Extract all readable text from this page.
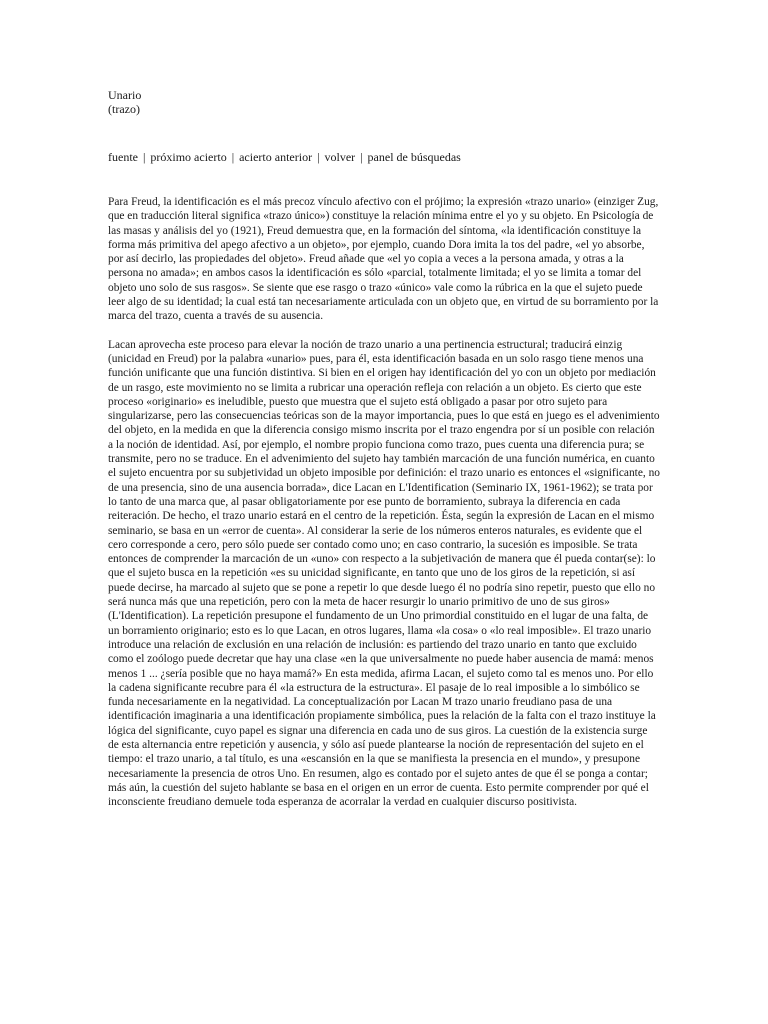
Unario
(trazo)
fuente | próximo acierto | acierto anterior | volver | panel de búsquedas

Para Freud, la identificación es el más precoz vínculo afectivo con el prójimo; la expresión «trazo unario» (einziger Zug, que en traducción literal significa «trazo único») constituye la relación mínima entre el yo y su objeto. En Psicología de las masas y análisis del yo (1921), Freud demuestra que, en la formación del síntoma, «la identificación constituye la forma más primitiva del apego afectivo a un objeto», por ejemplo, cuando Dora imita la tos del padre, «el yo absorbe, por así decirlo, las propiedades del objeto». Freud añade que «el yo copia a veces a la persona amada, y otras a la persona no amada»; en ambos casos la identificación es sólo «parcial, totalmente limitada; el yo se limita a tomar del objeto uno solo de sus rasgos». Se siente que ese rasgo o trazo «único» vale como la rúbrica en la que el sujeto puede leer algo de su identidad; la cual está tan necesariamente articulada con un objeto que, en virtud de su borramiento por la marca del trazo, cuenta a través de su ausencia.

Lacan aprovecha este proceso para elevar la noción de trazo unario a una pertinencia estructural; traducirá einzig (unicidad en Freud) por la palabra «unario» pues, para él, esta identificación basada en un solo rasgo tiene menos una función unificante que una función distintiva. Si bien en el origen hay identificación del yo con un objeto por mediación de un rasgo, este movimiento no se limita a rubricar una operación refleja con relación a un objeto. Es cierto que este proceso «originario» es ineludible, puesto que muestra que el sujeto está obligado a pasar por otro sujeto para singularizarse, pero las consecuencias teóricas son de la mayor importancia, pues lo que está en juego es el advenimiento del objeto, en la medida en que la diferencia consigo mismo inscrita por el trazo engendra por sí un posible con relación a la noción de identidad. Así, por ejemplo, el nombre propio funciona como trazo, pues cuenta una diferencia pura; se transmite, pero no se traduce. En el advenimiento del sujeto hay también marcación de una función numérica, en cuanto el sujeto encuentra por su subjetividad un objeto imposible por definición: el trazo unario es entonces el «significante, no de una presencia, sino de una ausencia borrada», dice Lacan en L'Identification (Seminario IX, 1961-1962); se trata por lo tanto de una marca que, al pasar obligatoriamente por ese punto de borramiento, subraya la diferencia en cada reiteración. De hecho, el trazo unario estará en el centro de la repetición. Ésta, según la expresión de Lacan en el mismo seminario, se basa en un «error de cuenta». Al considerar la serie de los números enteros naturales, es evidente que el cero corresponde a cero, pero sólo puede ser contado como uno; en caso contrario, la sucesión es imposible. Se trata entonces de comprender la marcación de un «uno» con respecto a la subjetivación de manera que él pueda contar(se): lo que el sujeto busca en la repetición «es su unicidad significante, en tanto que uno de los giros de la repetición, si así puede decirse, ha marcado al sujeto que se pone a repetir lo que desde luego él no podría sino repetir, puesto que ello no será nunca más que una repetición, pero con la meta de hacer resurgir lo unario primitivo de uno de sus giros» (L'Identification). La repetición presupone el fundamento de un Uno primordial constituido en el lugar de una falta, de un borramiento originario; esto es lo que Lacan, en otros lugares, llama «la cosa» o «lo real imposible». El trazo unario introduce una relación de exclusión en una relación de inclusión: es partiendo del trazo unario en tanto que excluido como el zoólogo puede decretar que hay una clase «en la que universalmente no puede haber ausencia de mamá: menos menos 1 ... ¿sería posible que no haya mamá?» En esta medida, afirma Lacan, el sujeto como tal es menos uno. Por ello la cadena significante recubre para él «la estructura de la estructura». El pasaje de lo real imposible a lo simbólico se funda necesariamente en la negatividad. La conceptualización por Lacan M trazo unario freudiano pasa de una identificación imaginaria a una identificación propiamente simbólica, pues la relación de la falta con el trazo instituye la lógica del significante, cuyo papel es signar una diferencia en cada uno de sus giros. La cuestión de la existencia surge de esta alternancia entre repetición y ausencia, y sólo así puede plantearse la noción de representación del sujeto en el tiempo: el trazo unario, a tal título, es una «escansión en la que se manifiesta la presencia en el mundo», y presupone necesariamente la presencia de otros Uno. En resumen, algo es contado por el sujeto antes de que él se ponga a contar; más aún, la cuestión del sujeto hablante se basa en el origen en un error de cuenta. Esto permite comprender por qué el inconsciente freudiano demuele toda esperanza de acorralar la verdad en cualquier discurso positivista.
